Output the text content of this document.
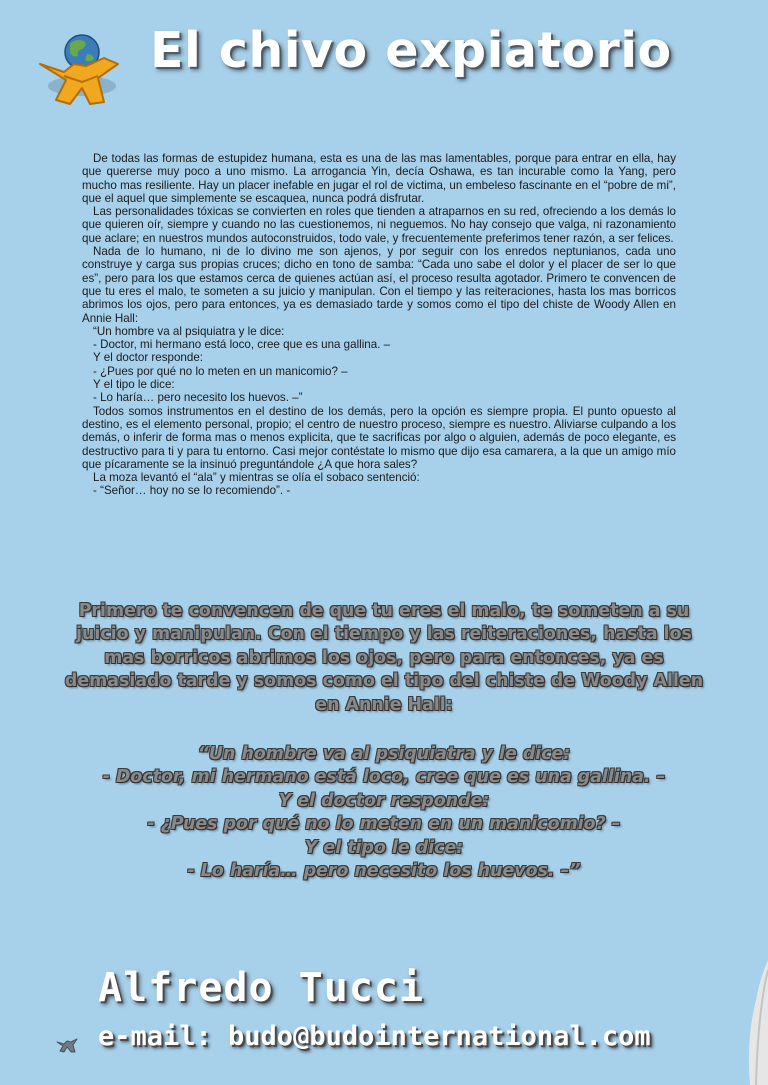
El chivo expiatorio

De todas las formas de estupidez humana, esta es una de las mas lamentables, porque para entrar en ella, hay que quererse muy poco a uno mismo. La arrogancia Yin, decía Oshawa, es tan incurable como la Yang, pero mucho mas resiliente. Hay un placer inefable en jugar el rol de victima, un embeleso fascinante en el “pobre de mi”, que el aquel que simplemente se escaquea, nunca podrá disfrutar.

Las personalidades tóxicas se convierten en roles que tienden a atraparnos en su red, ofreciendo a los demás lo que quieren oír, siempre y cuando no las cuestionemos, ni neguemos. No hay consejo que valga, ni razonamiento que aclare; en nuestros mundos autoconstruidos, todo vale, y frecuentemente preferimos tener razón, a ser felices.

Nada de lo humano, ni de lo divino me son ajenos, y por seguir con los enredos neptunianos, cada uno construye y carga sus propias cruces; dicho en tono de samba: “Cada uno sabe el dolor y el placer de ser lo que es”, pero para los que estamos cerca de quienes actúan así, el proceso resulta agotador. Primero te convencen de que tu eres el malo, te someten a su juicio y manipulan. Con el tiempo y las reiteraciones, hasta los mas borricos abrimos los ojos, pero para entonces, ya es demasiado tarde y somos como el tipo del chiste de Woody Allen en Annie Hall:

“Un hombre va al psiquiatra y le dice:

- Doctor, mi hermano está loco, cree que es una gallina. –

Y el doctor responde:

- ¿Pues por qué no lo meten en un manicomio? –

Y el tipo le dice:

- Lo haría… pero necesito los huevos. –”

Todos somos instrumentos en el destino de los demás, pero la opción es siempre propia. El punto opuesto al destino, es el elemento personal, propio; el centro de nuestro proceso, siempre es nuestro. Aliviarse culpando a los demás, o inferir de forma mas o menos explicita, que te sacrificas por algo o alguien, además de poco elegante, es destructivo para ti y para tu entorno. Casi mejor contéstate lo mismo que dijo esa camarera, a la que un amigo mío que pícaramente se la insinuó preguntándole ¿A que hora sales?

La moza levantó el “ala” y mientras se olía el sobaco sentenció:

- “Señor… hoy no se lo recomiendo”. -

Primero te convencen de que tu eres el malo, te someten a su juicio y manipulan. Con el tiempo y las reiteraciones, hasta los mas borricos abrimos los ojos, pero para entonces, ya es demasiado tarde y somos como el tipo del chiste de Woody Allen en Annie Hall:

“Un hombre va al psiquiatra y le dice:
- Doctor, mi hermano está loco, cree que es una gallina. –
Y el doctor responde:
- ¿Pues por qué no lo meten en un manicomio? –
Y el tipo le dice:
- Lo haría… pero necesito los huevos. –”
Alfredo Tucci
e-mail: budo@budointernational.com
